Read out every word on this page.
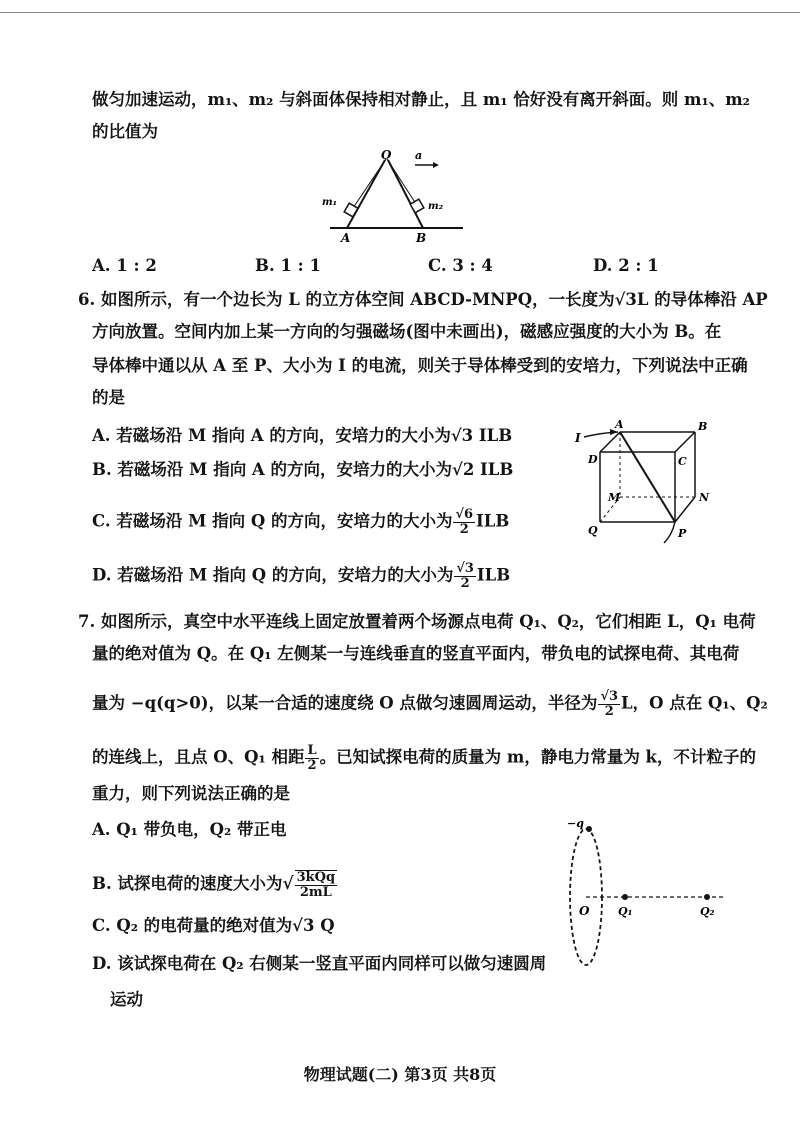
做匀加速运动，m₁、m₂ 与斜面体保持相对静止，且 m₁ 恰好没有离开斜面。则 m₁、m₂
的比值为
O a
m₁	m₂
A	B
A. 1 : 2	B. 1 : 1	C. 3 : 4	D. 2 : 1
6. 如图所示，有一个边长为 L 的立方体空间 ABCD-MNPQ，一长度为√3L 的导体棒沿 AP
方向放置。空间内加上某一方向的匀强磁场(图中未画出)，磁感应强度的大小为 B。在
导体棒中通以从 A 至 P、大小为 I 的电流，则关于导体棒受到的安培力，下列说法中正确
的是
A. 若磁场沿 M 指向 A 的方向，安培力的大小为√3 ILB
B. 若磁场沿 M 指向 A 的方向，安培力的大小为√2 ILB
C. 若磁场沿 M 指向 Q 的方向，安培力的大小为 $\frac{√6}{2}$ ILB
D. 若磁场沿 M 指向 Q 的方向，安培力的大小为 $\frac{√3}{2}$ ILB
I
A	B
C
D
M	N
P
Q
7. 如图所示，真空中水平连线上固定放置着两个场源点电荷 Q₁、Q₂，它们相距 L，Q₁ 电荷
量的绝对值为 Q。在 Q₁ 左侧某一与连线垂直的竖直平面内，带负电的试探电荷、其电荷
量为 −q(q>0)，以某一合适的速度绕 O 点做匀速圆周运动，半径为 $\frac{√3}{2}$ L，O 点在 Q₁、Q₂
的连线上，且点 O、Q₁ 相距 $\frac{L}{2}$ 。已知试探电荷的质量为 m，静电力常量为 k，不计粒子的
重力，则下列说法正确的是
A. Q₁ 带负电，Q₂ 带正电
B. 试探电荷的速度大小为√ $\frac{\text{3kQq}}{2mL}$
C. Q₂ 的电荷量的绝对值为√3 Q
D. 该试探电荷在 Q₂ 右侧某一竖直平面内同样可以做匀速圆周
运动
−q
O	Q₁	Q₂
物理试题(二) 第3页 共8页
